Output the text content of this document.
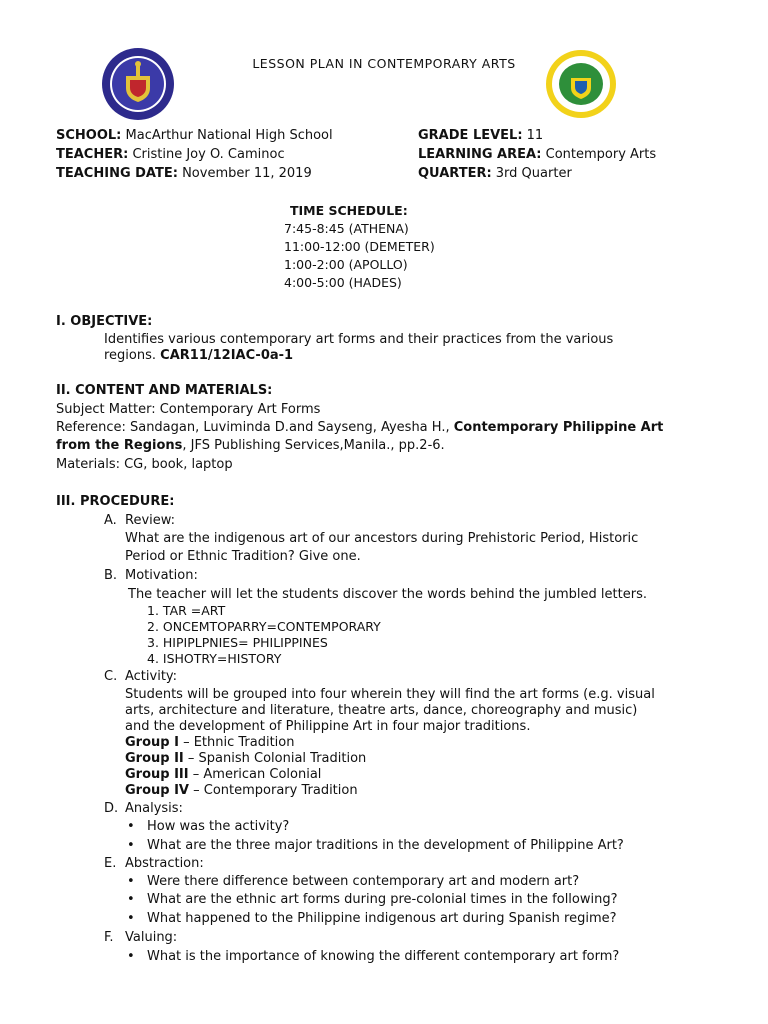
LESSON PLAN IN CONTEMPORARY ARTS
SCHOOL: MacArthur National High School
TEACHER: Cristine Joy O. Caminoc
TEACHING DATE: November 11, 2019
GRADE LEVEL: 11
LEARNING AREA: Contempory Arts
QUARTER: 3rd Quarter
TIME SCHEDULE:
7:45-8:45 (ATHENA)
11:00-12:00 (DEMETER)
1:00-2:00 (APOLLO)
4:00-5:00 (HADES)
I. OBJECTIVE:
Identifies various contemporary art forms and their practices from the various
regions. CAR11/12IAC-0a-1
II. CONTENT AND MATERIALS:
Subject Matter: Contemporary Art Forms
Reference: Sandagan, Luviminda D.and Sayseng, Ayesha H., Contemporary Philippine Art
from the Regions, JFS Publishing Services,Manila., pp.2-6.
Materials: CG, book, laptop
III. PROCEDURE:
A. Review:
What are the indigenous art of our ancestors during Prehistoric Period, Historic
Period or Ethnic Tradition? Give one.
B. Motivation:
The teacher will let the students discover the words behind the jumbled letters.
1. TAR =ART
2. ONCEMTOPARRY=CONTEMPORARY
3. HIPIPLPNIES= PHILIPPINES
4. ISHOTRY=HISTORY
C. Activity:
Students will be grouped into four wherein they will find the art forms (e.g. visual
arts, architecture and literature, theatre arts, dance, choreography and music)
and the development of Philippine Art in four major traditions.
Group I – Ethnic Tradition
Group II – Spanish Colonial Tradition
Group III – American Colonial
Group IV – Contemporary Tradition
D. Analysis:
• How was the activity?
• What are the three major traditions in the development of Philippine Art?
E. Abstraction:
• Were there difference between contemporary art and modern art?
• What are the ethnic art forms during pre-colonial times in the following?
• What happened to the Philippine indigenous art during Spanish regime?
F. Valuing:
• What is the importance of knowing the different contemporary art form?
